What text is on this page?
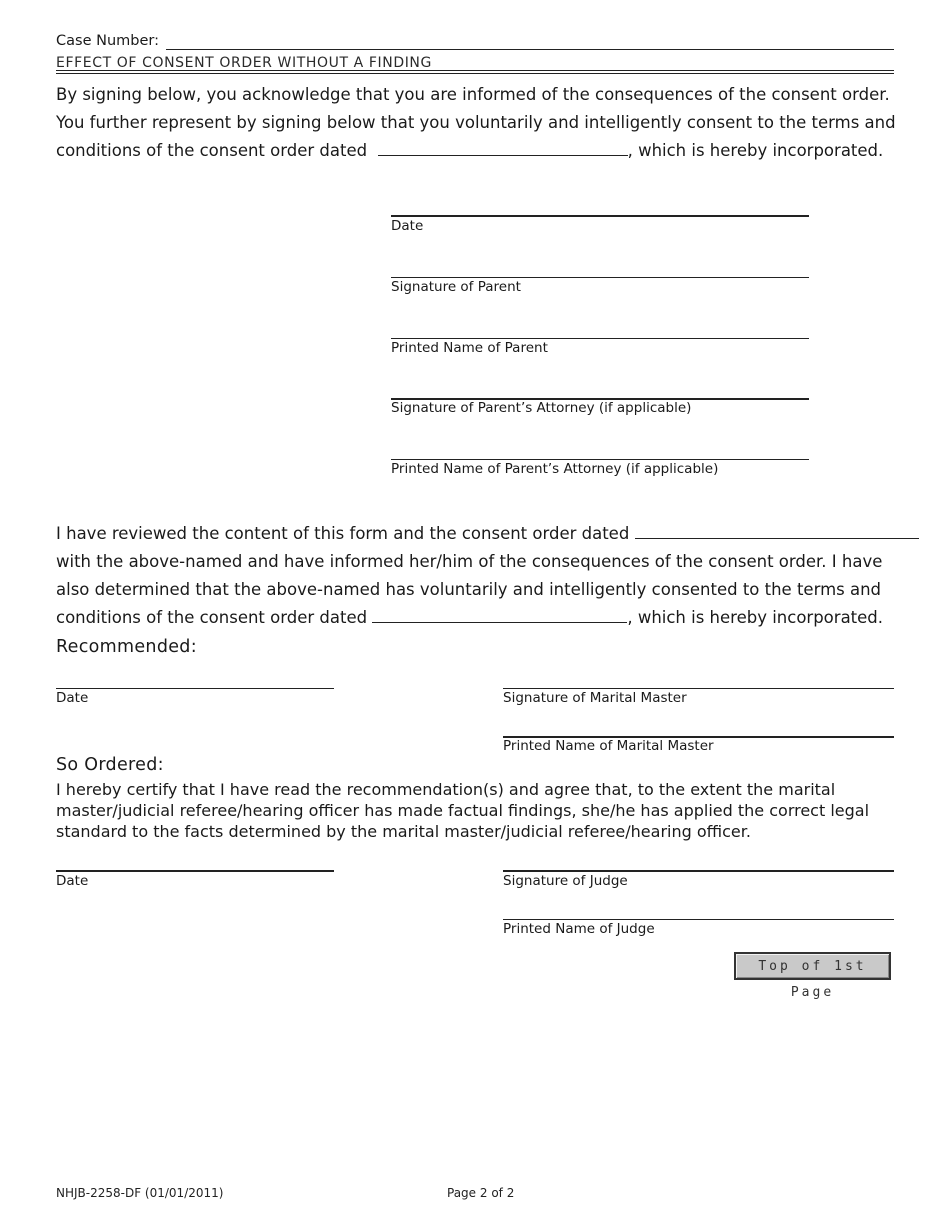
Case Number:
EFFECT OF CONSENT ORDER WITHOUT A FINDING
By signing below, you acknowledge that you are informed of the consequences of the consent order.
You further represent by signing below that you voluntarily and intelligently consent to the terms and
conditions of the consent order dated	, which is hereby incorporated.
Date
Signature of Parent
Printed Name of Parent
Signature of Parent’s Attorney (if applicable)
Printed Name of Parent’s Attorney (if applicable)
I have reviewed the content of this form and the consent order dated
with the above-named and have informed her/him of the consequences of the consent order. I have
also determined that the above-named has voluntarily and intelligently consented to the terms and
conditions of the consent order dated	, which is hereby incorporated.
Recommended:
Date	Signature of Marital Master
Printed Name of Marital Master
So Ordered:
I hereby certify that I have read the recommendation(s) and agree that, to the extent the marital master/judicial referee/hearing officer has made factual findings, she/he has applied the correct legal standard to the facts determined by the marital master/judicial referee/hearing officer.
Date	Signature of Judge
Printed Name of Judge
Top of 1st Page
NHJB-2258-DF (01/01/2011)	Page 2 of 2
